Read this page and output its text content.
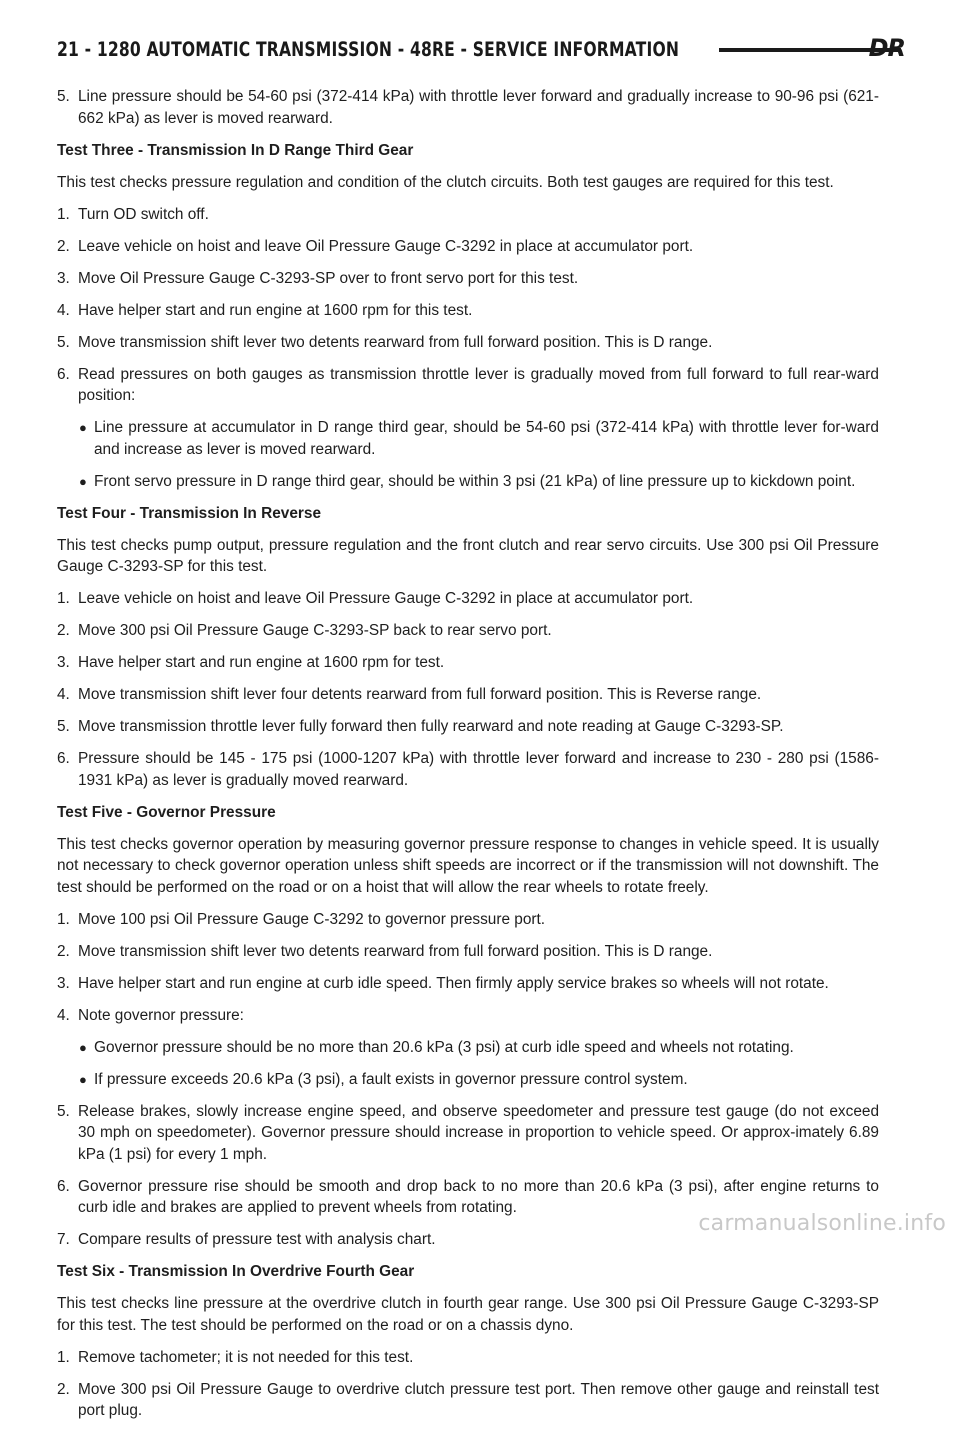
21 - 1280 AUTOMATIC TRANSMISSION - 48RE - SERVICE INFORMATION	DR
5. Line pressure should be 54-60 psi (372-414 kPa) with throttle lever forward and gradually increase to 90-96 psi (621-662 kPa) as lever is moved rearward.
Test Three - Transmission In D Range Third Gear
This test checks pressure regulation and condition of the clutch circuits. Both test gauges are required for this test.
1. Turn OD switch off.
2. Leave vehicle on hoist and leave Oil Pressure Gauge C-3292 in place at accumulator port.
3. Move Oil Pressure Gauge C-3293-SP over to front servo port for this test.
4. Have helper start and run engine at 1600 rpm for this test.
5. Move transmission shift lever two detents rearward from full forward position. This is D range.
6. Read pressures on both gauges as transmission throttle lever is gradually moved from full forward to full rear-ward position:
● Line pressure at accumulator in D range third gear, should be 54-60 psi (372-414 kPa) with throttle lever for-ward and increase as lever is moved rearward.
● Front servo pressure in D range third gear, should be within 3 psi (21 kPa) of line pressure up to kickdown point.
Test Four - Transmission In Reverse
This test checks pump output, pressure regulation and the front clutch and rear servo circuits. Use 300 psi Oil Pressure Gauge C-3293-SP for this test.
1. Leave vehicle on hoist and leave Oil Pressure Gauge C-3292 in place at accumulator port.
2. Move 300 psi Oil Pressure Gauge C-3293-SP back to rear servo port.
3. Have helper start and run engine at 1600 rpm for test.
4. Move transmission shift lever four detents rearward from full forward position. This is Reverse range.
5. Move transmission throttle lever fully forward then fully rearward and note reading at Gauge C-3293-SP.
6. Pressure should be 145 - 175 psi (1000-1207 kPa) with throttle lever forward and increase to 230 - 280 psi (1586-1931 kPa) as lever is gradually moved rearward.
Test Five - Governor Pressure
This test checks governor operation by measuring governor pressure response to changes in vehicle speed. It is usually not necessary to check governor operation unless shift speeds are incorrect or if the transmission will not downshift. The test should be performed on the road or on a hoist that will allow the rear wheels to rotate freely.
1. Move 100 psi Oil Pressure Gauge C-3292 to governor pressure port.
2. Move transmission shift lever two detents rearward from full forward position. This is D range.
3. Have helper start and run engine at curb idle speed. Then firmly apply service brakes so wheels will not rotate.
4. Note governor pressure:
● Governor pressure should be no more than 20.6 kPa (3 psi) at curb idle speed and wheels not rotating.
● If pressure exceeds 20.6 kPa (3 psi), a fault exists in governor pressure control system.
5. Release brakes, slowly increase engine speed, and observe speedometer and pressure test gauge (do not exceed 30 mph on speedometer). Governor pressure should increase in proportion to vehicle speed. Or approx-imately 6.89 kPa (1 psi) for every 1 mph.
6. Governor pressure rise should be smooth and drop back to no more than 20.6 kPa (3 psi), after engine returns to curb idle and brakes are applied to prevent wheels from rotating.
7. Compare results of pressure test with analysis chart.
Test Six - Transmission In Overdrive Fourth Gear
This test checks line pressure at the overdrive clutch in fourth gear range. Use 300 psi Oil Pressure Gauge C-3293-SP for this test. The test should be performed on the road or on a chassis dyno.
1. Remove tachometer; it is not needed for this test.
2. Move 300 psi Oil Pressure Gauge to overdrive clutch pressure test port. Then remove other gauge and reinstall test port plug.
carmanualsonline.info
